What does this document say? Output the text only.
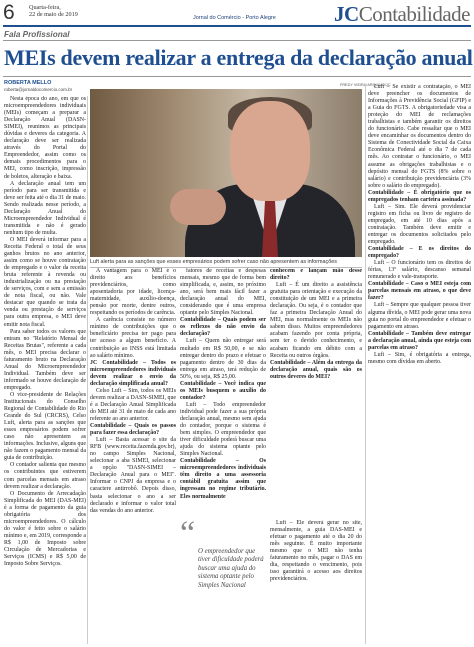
6 Quarta-feira,
22 de maio de 2019	Jornal do Comércio - Porto Alegre	JCContabilidade
Fala Profissional
MEIs devem realizar a entrega da declaração anual
ROBERTA MELLO
roberta@jornaldocomercio.com.br
FREDY VIEIRA/ARQUIVO/JC
Luft alerta para as sanções que esses empresários podem sofrer caso não apresentem as informações

Nesta época do ano, em que os microempreendedores individuais (MEIs) começam a preparar a Declaração Anual (DASN-SIMEI), reunimos as principais dúvidas e deveres da categoria. A declaração deve ser realizada através do Portal do Empreendedor, assim como os demais procedimentos para o MEI, como inscrição, impressão de boletos, alteração e baixa.

A declaração anual tem um período para ser transmitida e deve ser feita até o dia 31 de maio. Sendo realizada nesse período, a Declaração Anual do Microempreendedor Individual é transmitida e não é gerado nenhum tipo de multa.

O MEI deverá informar para a Receita Federal o total de seus ganhos brutos no ano anterior, assim como se houve contratação de empregado e o valor da receita bruta referente à revenda ou industrialização ou na prestação de serviços, com e sem a emissão de nota fiscal, ou não. Vale destacar que quando se trata da venda ou prestação de serviços para outra empresa, o MEI deve emitir nota fiscal.

Para saber todos os valores que entram no "Relatório Mensal de Receitas Brutas", referente a cada mês, o MEI precisa declarar o faturamento bruto na Declaração Anual do Microempreendedor Individual. Também deve ser informado se houve declaração de empregado.

O vice-presidente de Relações Institucionais do Conselho Regional de Contabilidade do Rio Grande do Sul (CRCRS), Celso Luft, alerta para as sanções que esses empresários podem sofrer caso não apresentem as informações. Inclusive, alguns que não fazem o pagamento mensal da guia de contribuição.

O contador salienta que mesmo os contribuintes que estiverem com parcelas mensais em atraso devem realizar a declaração.

O Documento de Arrecadação Simplificada do MEI (DAS-MEI) é a forma de pagamento da guia obrigatória dos microempreendedores. O cálculo do valor é feito sobre o salário mínimo e, em 2019, corresponde a R$ 1,00 de Imposto sobre Circulação de Mercadorias e Serviços (ICMS) e R$ 5,00 de Imposto Sobre Serviços.

A vantagem para o MEI é o direito aos benefícios previdenciários, como aposentadoria por idade, licença-maternidade, auxílio-doença, pensão por morte, dentre outros, respeitando os períodos de carência.

A carência consiste no número mínimo de contribuições que o beneficiário precisa ter pago para ter acesso a algum benefício. A contribuição ao INSS está limitada ao salário mínimo.

JC Contabilidade – Todos os microempreendedores individuais devem realizar o envio da declaração simplificada anual?

Celso Luft – Sim, todos os MEIs devem realizar a DASN-SIMEI, que é a Declaração Anual Simplificada do MEI até 31 de maio de cada ano referente ao ano anterior.

Contabilidade – Quais os passos para fazer essa declaração?

Luft – Basta acessar o site da RFB (www.receita.fazenda.gov.br), no campo Simples Nacional, selecionar a aba SIMEI, selecionar a opção "DASN-SIMEI – Declaração Anual para o MEI". Informar o CNPJ da empresa e o caractere antirrobô. Depois disso, basta selecionar o ano a ser declarado e informar o valor total das vendas do ano anterior.

fatores de receitas e despesas mensais, mesmo que de forma bem simplificada, e, assim, no próximo ano, será bem mais fácil fazer a declaração anual do MEI, considerando que é uma empresa optante pelo Simples Nacional.

Contabilidade – Quais podem ser os reflexos do não envio da declaração?

Luft – Quem não entregar será multado em R$ 50,00, e se não entregar dentro do prazo e efetuar o pagamento dentro de 30 dias da entrega em atraso, terá redução de 50%, ou seja, R$ 25,00.

Contabilidade – Você indica que os MEIs busquem o auxílio do contador?

Luft – Todo empreendedor individual pode fazer a sua própria declaração anual, mesmo sem ajuda do contador, porque o sistema é bem simples. O empreendedor que tiver dificuldade poderá buscar uma ajuda do sistema optante pelo Simples Nacional.

Contabilidade – Os microempreendedores individuais têm direito a uma assessoria contábil gratuita assim que ingressam no regime tributário. Eles normalmente

“ O empreendedor que tiver dificuldade poderá buscar uma ajuda do sistema optante pelo Simples Nacional

conhecem e lançam mão desse direito?

Luft – É um direito a assistência gratuita para orientação e execução da constituição de um MEI e a primeira declaração. Ou seja, é o contador que faz a primeira Declaração Anual do MEI, mas normalmente os MEIs não sabem disso. Muitos empreendedores acabam fazendo por conta própria, sem ter o devido conhecimento, e acabam ficando em débito com a Receita ou outros órgãos.

Contabilidade – Além da entrega da declaração anual, quais são os outros deveres do MEI?

Luft – Ele deverá gerar no site, mensalmente, a guia DAS-MEI e efetuar o pagamento até o dia 20 do mês seguinte. É muito importante mesmo que o MEI não tenha faturamento no mês, pagar o DAS em dia, respeitando o vencimento, pois isso garantirá o acesso aos direitos previdenciários.

Luft – Se existir a contratação, o MEI deve preencher os documentos de Informações à Previdência Social (GFIP) e a Guia do FGTS. A obrigatoriedade visa a proteção do MEI de reclamações trabalhistas e também garantir os direitos do funcionário. Cabe ressaltar que o MEI deve encaminhar os documentos dentro do Sistema de Conectividade Social da Caixa Econômica Federal até o dia 7 de cada mês. Ao contratar o funcionário, o MEI assume as obrigações trabalhistas e o depósito mensal do FGTS (8% sobre o salário) e contribuição previdenciária (3% sobre o salário do empregado).

Contabilidade – É obrigatório que os empregados tenham carteira assinada?

Luft – Sim. Ele deverá providenciar registro em ficha ou livro de registro de empregado, em até 10 dias após a contratação. Também deve emitir e entregar os documentos solicitados pelo empregado.

Contabilidade – E os direitos do empregado?

Luft – O funcionário tem os direitos de férias, 13º salário, descanso semanal remunerado e vale-transporte.

Contabilidade – Caso o MEI esteja com parcelas mensais em atraso, o que deve fazer?

Luft – Sempre que qualquer pessoa tiver alguma dívida, o MEI pode gerar uma nova guia no portal do empreendedor e efetuar o pagamento em atraso.

Contabilidade – Também deve entregar a declaração anual, ainda que esteja com parcelas em atraso?

Luft – Sim, é obrigatória a entrega, mesmo com dívidas em aberto.
